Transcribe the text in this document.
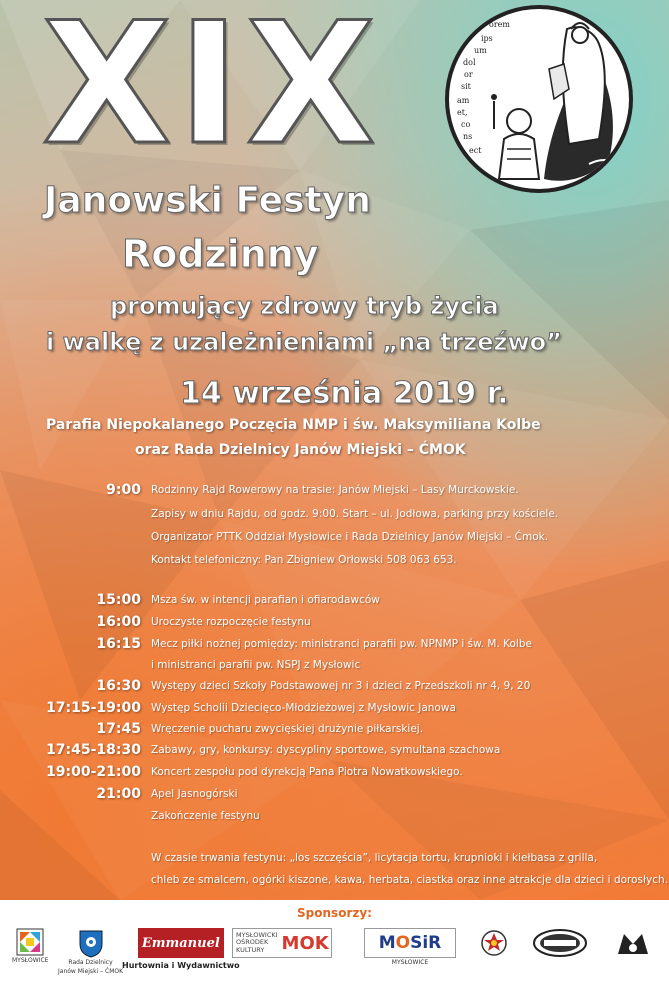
XIX
Janowski Festyn
Rodzinny
promujący zdrowy tryb życia
i walkę z uzależnieniami „na trzeźwo”
14 września 2019 r.
Parafia Niepokalanego Poczęcia NMP i św. Maksymiliana Kolbe
oraz Rada Dzielnicy Janów Miejski – ĆMOK
orem
ips
um
dol
or
sit
am
et,
co
ns
ect
9:00 Rodzinny Rajd Rowerowy na trasie: Janów Miejski – Lasy Murckowskie.
Zapisy w dniu Rajdu, od godz. 9:00. Start – ul. Jodłowa, parking przy kościele.
Organizator PTTK Oddział Mysłowice i Rada Dzielnicy Janów Miejski – Ćmok.
Kontakt telefoniczny: Pan Zbigniew Orłowski 508 063 653.
15:00 Msza św. w intencji parafian i ofiarodawców
16:00 Uroczyste rozpoczęcie festynu
16:15 Mecz piłki nożnej pomiędzy: ministranci parafii pw. NPNMP i św. M. Kolbe
i ministranci parafii pw. NSPJ z Mysłowic
16:30 Występy dzieci Szkoły Podstawowej nr 3 i dzieci z Przedszkoli nr 4, 9, 20
17:15-19:00 Występ Scholii Dziecięco-Młodzieżowej z Mysłowic Janowa
17:45 Wręczenie pucharu zwycięskiej drużynie piłkarskiej.
17:45-18:30 Zabawy, gry, konkursy: dyscypliny sportowe, symultana szachowa
19:00-21:00 Koncert zespołu pod dyrekcją Pana Piotra Nowatkowskiego.
21:00 Apel Jasnogórski
Zakończenie festynu
W czasie trwania festynu: „los szczęścia”, licytacja tortu, krupnioki i kiełbasa z grilla,
chleb ze smalcem, ogórki kiszone, kawa, herbata, ciastka oraz inne atrakcje dla dzieci i dorosłych.
Sponsorzy:
MYSŁOWICE	Rada Dzielnicy
Janów Miejski – ĆMOK
Emmanuel
Hurtownia i Wydawnictwo
MYSŁOWICKI
OŚRODEK
KULTURY MOK	M O SiR
MYSŁOWICE
